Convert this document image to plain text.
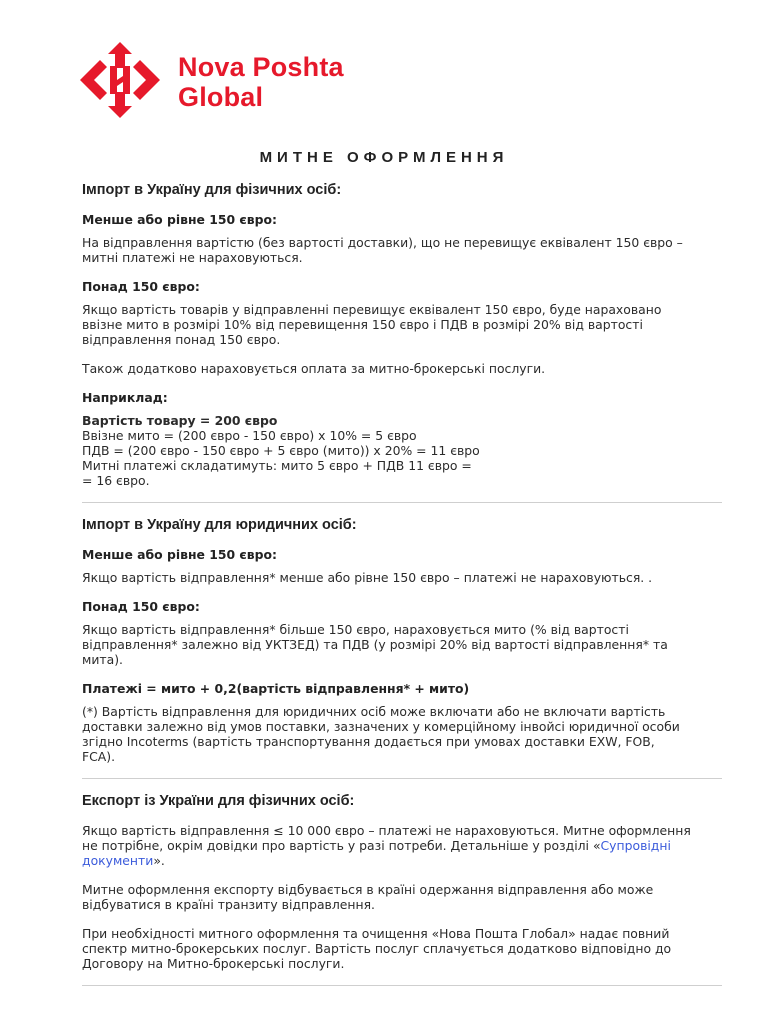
Nova Poshta
Global
МИТНЕ ОФОРМЛЕННЯ
Імпорт в Україну для фізичних осіб:
Менше або рівне 150 євро:
На відправлення вартістю (без вартості доставки), що не перевищує еквівалент 150 євро –
митні платежі не нараховуються.
Понад 150 євро:
Якщо вартість товарів у відправленні перевищує еквівалент 150 євро, буде нараховано
ввізне мито в розмірі 10% від перевищення 150 євро і ПДВ в розмірі 20% від вартості
відправлення понад 150 євро.
Також додатково нараховується оплата за митно-брокерські послуги.
Наприклад:
Вартість товару = 200 євро
Ввізне мито = (200 євро - 150 євро) х 10% = 5 євро
ПДВ = (200 євро - 150 євро + 5 євро (мито)) х 20% = 11 євро
Митні платежі складатимуть: мито 5 євро + ПДВ 11 євро =
= 16 євро.
Імпорт в Україну для юридичних осіб:
Менше або рівне 150 євро:
Якщо вартість відправлення* менше або рівне 150 євро – платежі не нараховуються. .
Понад 150 євро:
Якщо вартість відправлення* більше 150 євро, нараховується мито (% від вартості
відправлення* залежно від УКТЗЕД) та ПДВ (у розмірі 20% від вартості відправлення* та
мита).
Платежі = мито + 0,2(вартість відправлення* + мито)
(*) Вартість відправлення для юридичних осіб може включати або не включати вартість
доставки залежно від умов поставки, зазначених у комерційному інвойсі юридичної особи
згідно Incoterms (вартість транспортування додається при умовах доставки EXW, FOB,
FCA).
Експорт із України для фізичних осіб:
Якщо вартість відправлення ≤ 10 000 євро – платежі не нараховуються. Митне оформлення
не потрібне, окрім довідки про вартість у разі потреби. Детальніше у розділі «Супровідні
документи».
Митне оформлення експорту відбувається в країні одержання відправлення або може
відбуватися в країні транзиту відправлення.
При необхідності митного оформлення та очищення «Нова Пошта Глобал» надає повний
спектр митно-брокерських послуг. Вартість послуг сплачується додатково відповідно до
Договору на Митно-брокерські послуги.
